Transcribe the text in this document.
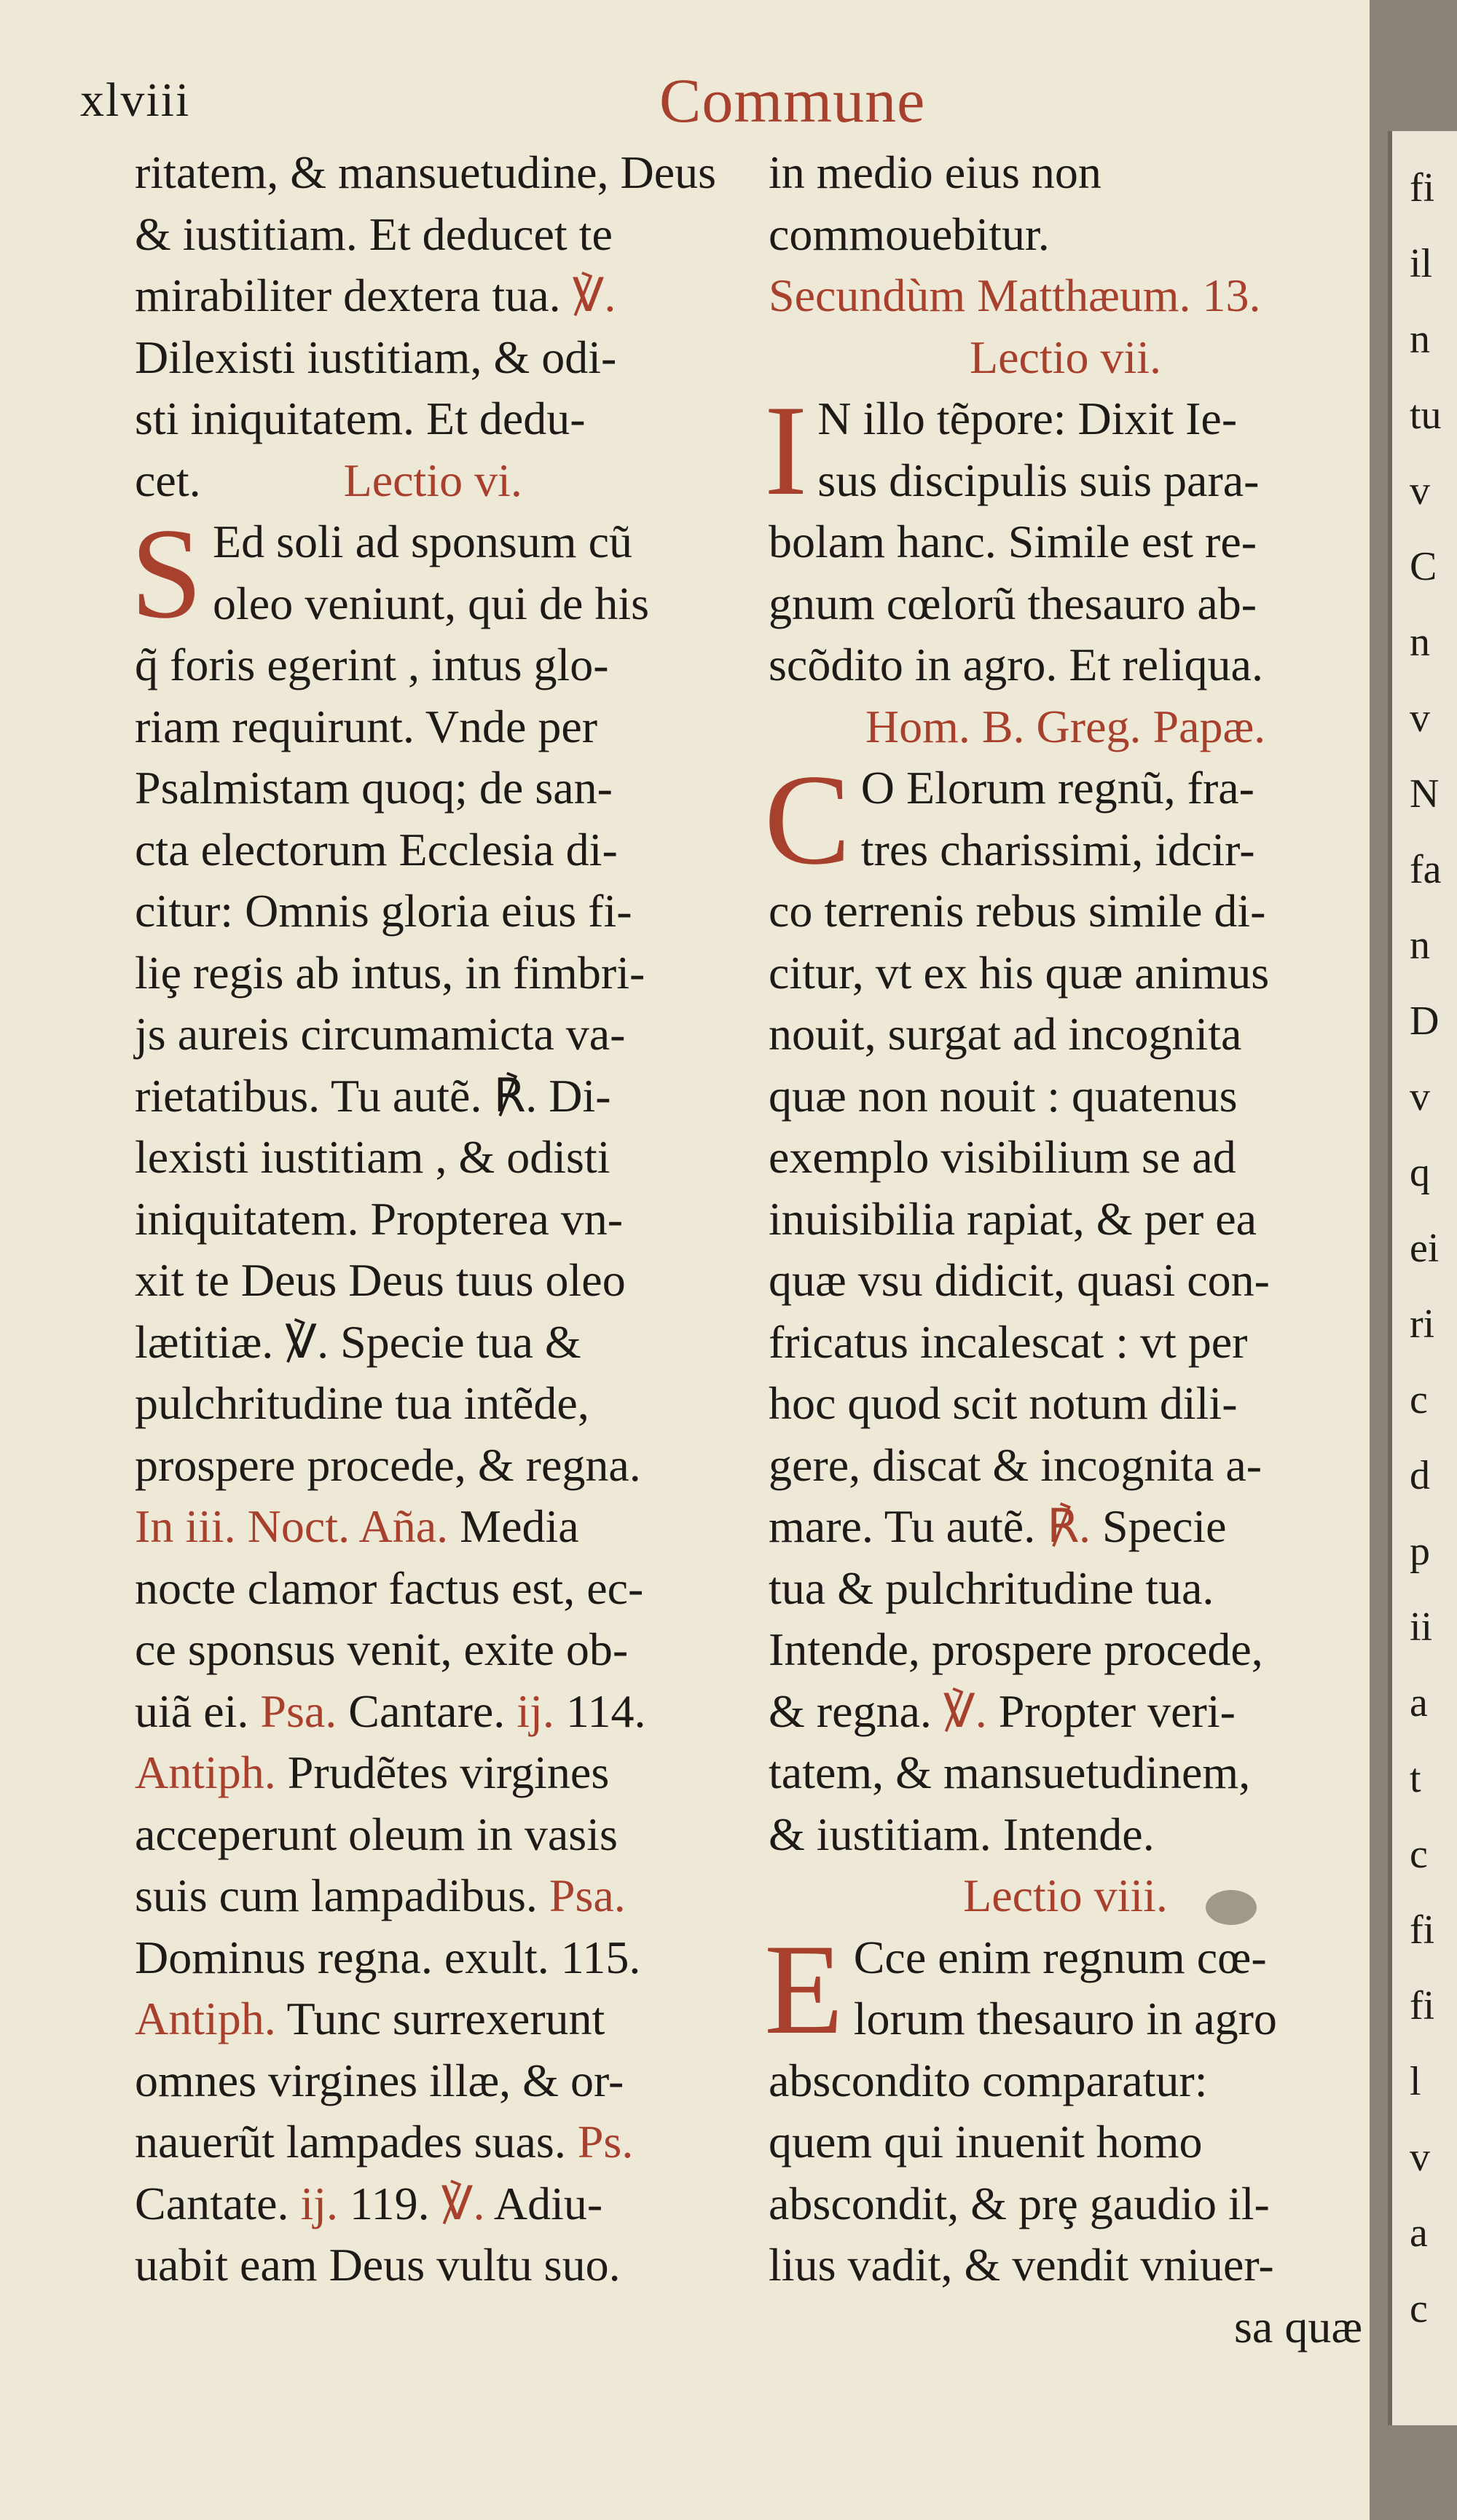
xlviii	Commune
ritatem, & mansuetudine, Deus
& iustitiam. Et deducet te
mirabiliter dextera tua. ℣.
Dilexisti iustitiam, & odi-
sti iniquitatem. Et dedu-
cet.	Lectio vi.
S Ed soli ad sponsum cũ
oleo veniunt, qui de his
q̃ foris egerint , intus glo-
riam requirunt. Vnde per
Psalmistam quoq; de san-
cta electorum Ecclesia di-
citur: Omnis gloria eius fi-
liȩ regis ab intus, in fimbri-
js aureis circumamicta va-
rietatibus. Tu autẽ. ℟. Di-
lexisti iustitiam , & odisti
iniquitatem. Propterea vn-
xit te Deus Deus tuus oleo
lætitiæ. ℣. Specie tua &
pulchritudine tua intẽde,
prospere procede, & regna.
In iii. Noct. Aña. Media
nocte clamor factus est, ec-
ce sponsus venit, exite ob-
uiã ei. Psa. Cantare. ij. 114.
Antiph. Prudẽtes virgines
acceperunt oleum in vasis
suis cum lampadibus. Psa.
Dominus regna. exult. 115.
Antiph. Tunc surrexerunt
omnes virgines illæ, & or-
nauerũt lampades suas. Ps.
Cantate. ij. 119. ℣. Adiu-
uabit eam Deus vultu suo.
in medio eius non
commouebitur.
Secundùm Matthæum. 13.
Lectio vii.
I N illo tẽpore: Dixit Ie-
sus discipulis suis para-
bolam hanc. Simile est re-
gnum cœlorũ thesauro ab-
scõdito in agro. Et reliqua.
Hom. B. Greg. Papæ.
C O Elorum regnũ, fra-
tres charissimi, idcir-
co terrenis rebus simile di-
citur, vt ex his quæ animus
nouit, surgat ad incognita
quæ non nouit : quatenus
exemplo visibilium se ad
inuisibilia rapiat, & per ea
quæ vsu didicit, quasi con-
fricatus incalescat : vt per
hoc quod scit notum dili-
gere, discat & incognita a-
mare. Tu autẽ. ℟. Specie
tua & pulchritudine tua.
Intende, prospere procede,
& regna. ℣. Propter veri-
tatem, & mansuetudinem,
& iustitiam. Intende.
Lectio viii.
E Cce enim regnum cœ-
lorum thesauro in agro
abscondito comparatur:
quem qui inuenit homo
abscondit, & prȩ gaudio il-
lius vadit, & vendit vniuer-
sa quæ
fi
il
n
tu
v
C
n
v
N
fa
n
D
v
q
ei
ri
c
d
p
ii
a
t
c
fi
fi
l
v
a
c
